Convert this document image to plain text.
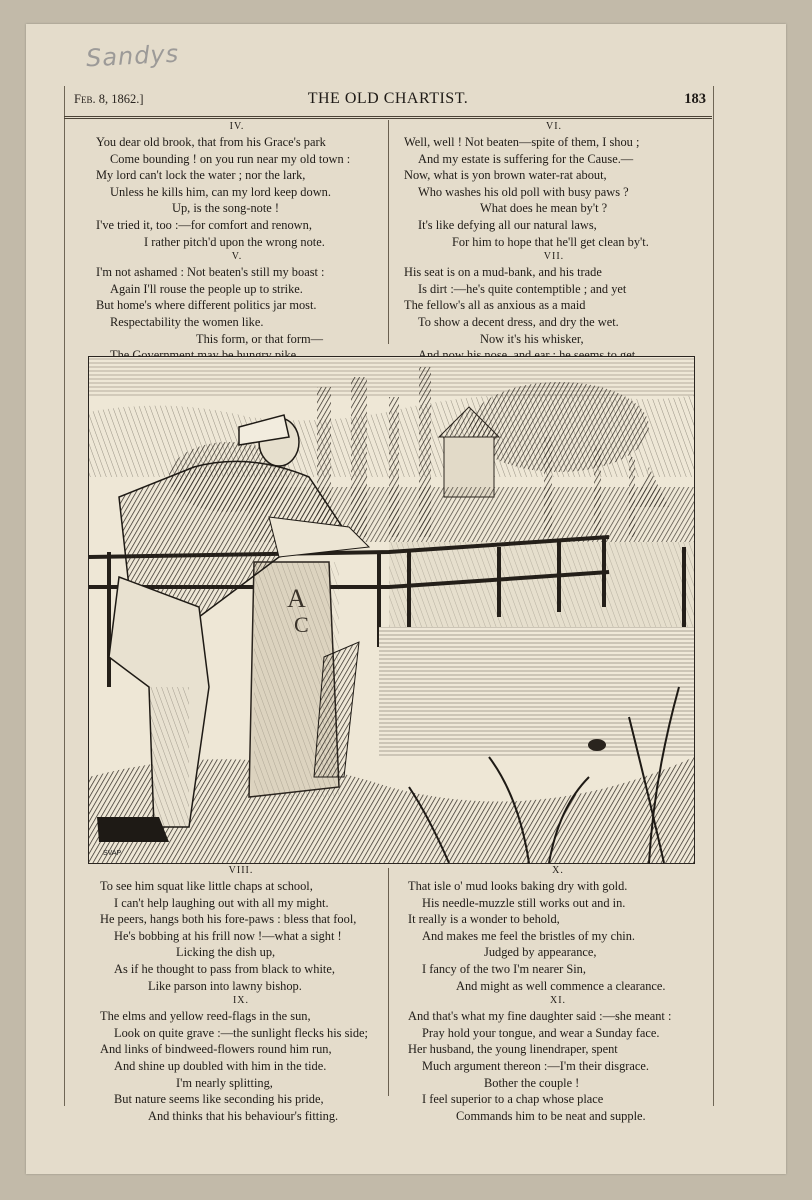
Sandys
Feb. 8, 1862.]	THE OLD CHARTIST.	183
IV.
You dear old brook, that from his Grace's park
Come bounding ! on you run near my old town :
My lord can't lock the water ; nor the lark,
Unless he kills him, can my lord keep down.
Up, is the song-note !
I've tried it, too :—for comfort and renown,
I rather pitch'd upon the wrong note.
V.
I'm not ashamed : Not beaten's still my boast :
Again I'll rouse the people up to strike.
But home's where different politics jar most.
Respectability the women like.
This form, or that form—
VI.
Well, well ! Not beaten—spite of them, I shou ;
And my estate is suffering for the Cause.—
Now, what is yon brown water-rat about,
Who washes his old poll with busy paws ?
What does he mean by't ?
It's like defying all our natural laws,
For him to hope that he'll get clean by't.
VII.
His seat is on a mud-bank, and his trade
Is dirt :—he's quite contemptible ; and yet
The fellow's all as anxious as a maid
To show a decent dress, and dry the wet.
Now it's his whisker,
VIII.
To see him squat like little chaps at school,
I can't help laughing out with all my might.
He peers, hangs both his fore-paws : bless that fool,
He's bobbing at his frill now !—what a sight !
Licking the dish up,
As if he thought to pass from black to white,
Like parson into lawny bishop.
IX.
The elms and yellow reed-flags in the sun,
Look on quite grave :—the sunlight flecks his side;
And links of bindweed-flowers round him run,
And shine up doubled with him in the tide.
I'm nearly splitting,
But nature seems like seconding his pride,
And thinks that his behaviour's fitting.
X.
That isle o' mud looks baking dry with gold.
His needle-muzzle still works out and in.
It really is a wonder to behold,
And makes me feel the bristles of my chin.
Judged by appearance,
I fancy of the two I'm nearer Sin,
And might as well commence a clearance.
XI.
And that's what my fine daughter said :—she meant :
Pray hold your tongue, and wear a Sunday face.
Her husband, the young linendraper, spent
Much argument thereon :—I'm their disgrace.
Bother the couple !
I feel superior to a chap whose place
Commands him to be neat and supple.
A
C
SVAP
